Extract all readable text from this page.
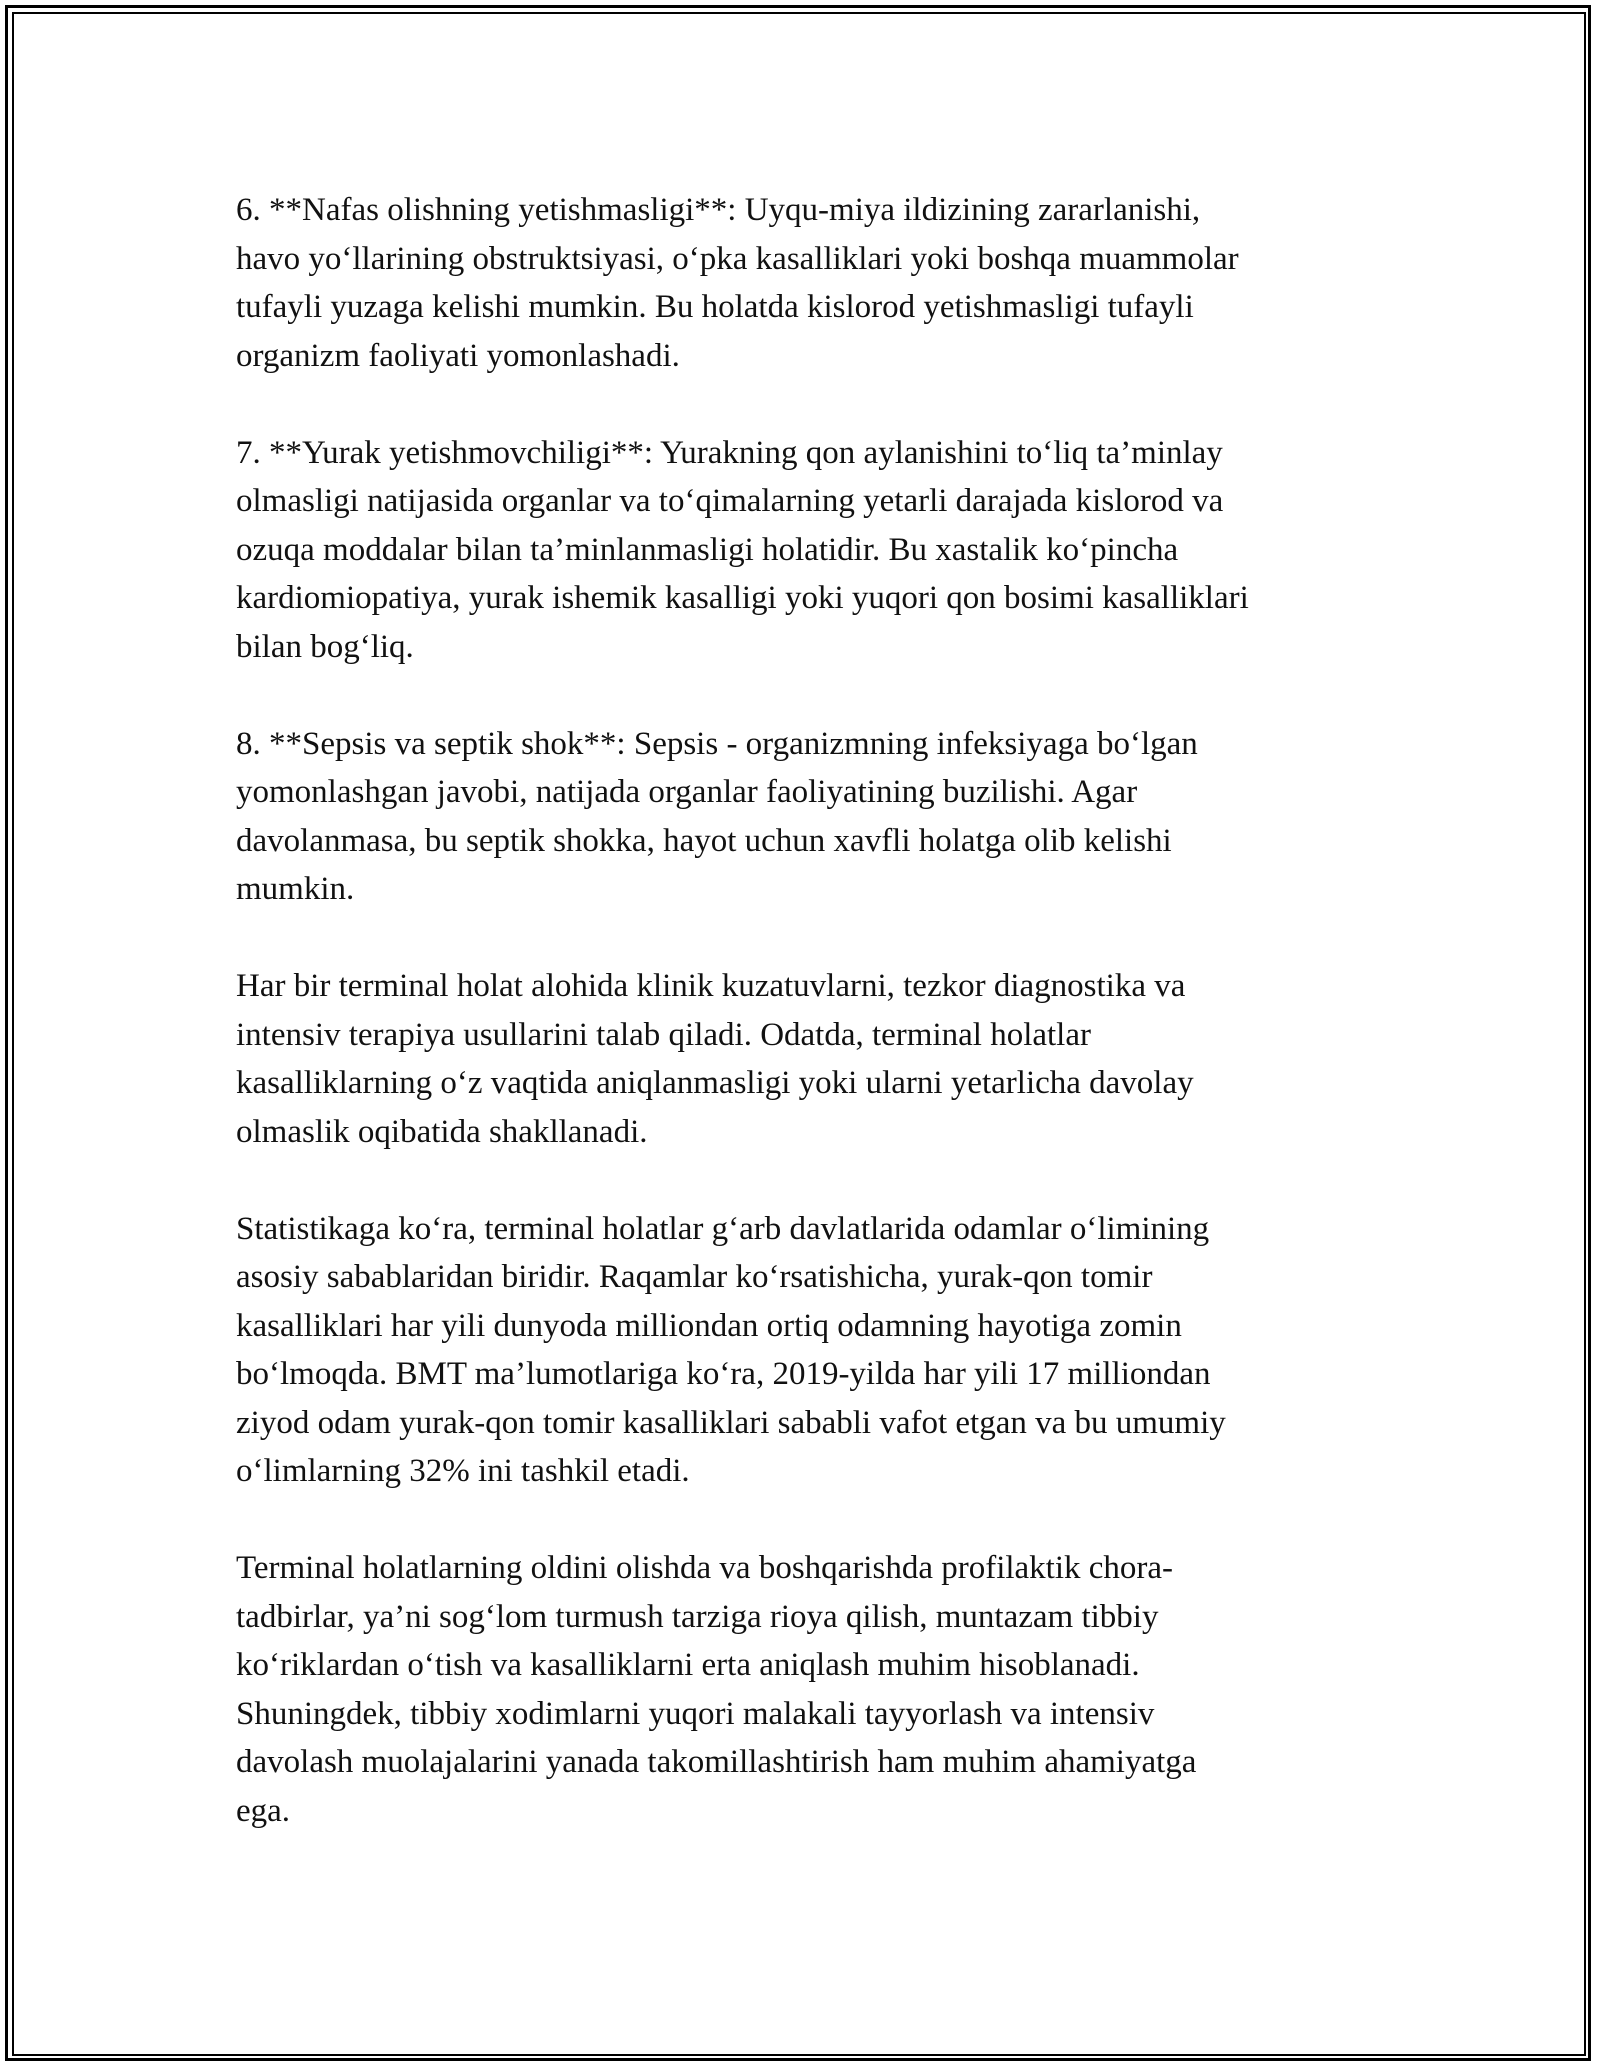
6. **Nafas olishning yetishmasligi**: Uyqu-miya ildizining zararlanishi,
havo yo‘llarining obstruktsiyasi, o‘pka kasalliklari yoki boshqa muammolar
tufayli yuzaga kelishi mumkin. Bu holatda kislorod yetishmasligi tufayli
organizm faoliyati yomonlashadi.

7. **Yurak yetishmovchiligi**: Yurakning qon aylanishini to‘liq ta’minlay
olmasligi natijasida organlar va to‘qimalarning yetarli darajada kislorod va
ozuqa moddalar bilan ta’minlanmasligi holatidir. Bu xastalik ko‘pincha
kardiomiopatiya, yurak ishemik kasalligi yoki yuqori qon bosimi kasalliklari
bilan bog‘liq.

8. **Sepsis va septik shok**: Sepsis - organizmning infeksiyaga bo‘lgan
yomonlashgan javobi, natijada organlar faoliyatining buzilishi. Agar
davolanmasa, bu septik shokka, hayot uchun xavfli holatga olib kelishi
mumkin.

Har bir terminal holat alohida klinik kuzatuvlarni, tezkor diagnostika va
intensiv terapiya usullarini talab qiladi. Odatda, terminal holatlar
kasalliklarning o‘z vaqtida aniqlanmasligi yoki ularni yetarlicha davolay
olmaslik oqibatida shakllanadi.

Statistikaga ko‘ra, terminal holatlar g‘arb davlatlarida odamlar o‘limining
asosiy sabablaridan biridir. Raqamlar ko‘rsatishicha, yurak-qon tomir
kasalliklari har yili dunyoda milliondan ortiq odamning hayotiga zomin
bo‘lmoqda. BMT ma’lumotlariga ko‘ra, 2019-yilda har yili 17 milliondan
ziyod odam yurak-qon tomir kasalliklari sababli vafot etgan va bu umumiy
o‘limlarning 32% ini tashkil etadi.

Terminal holatlarning oldini olishda va boshqarishda profilaktik chora-
tadbirlar, ya’ni sog‘lom turmush tarziga rioya qilish, muntazam tibbiy
ko‘riklardan o‘tish va kasalliklarni erta aniqlash muhim hisoblanadi.
Shuningdek, tibbiy xodimlarni yuqori malakali tayyorlash va intensiv
davolash muolajalarini yanada takomillashtirish ham muhim ahamiyatga
ega.
